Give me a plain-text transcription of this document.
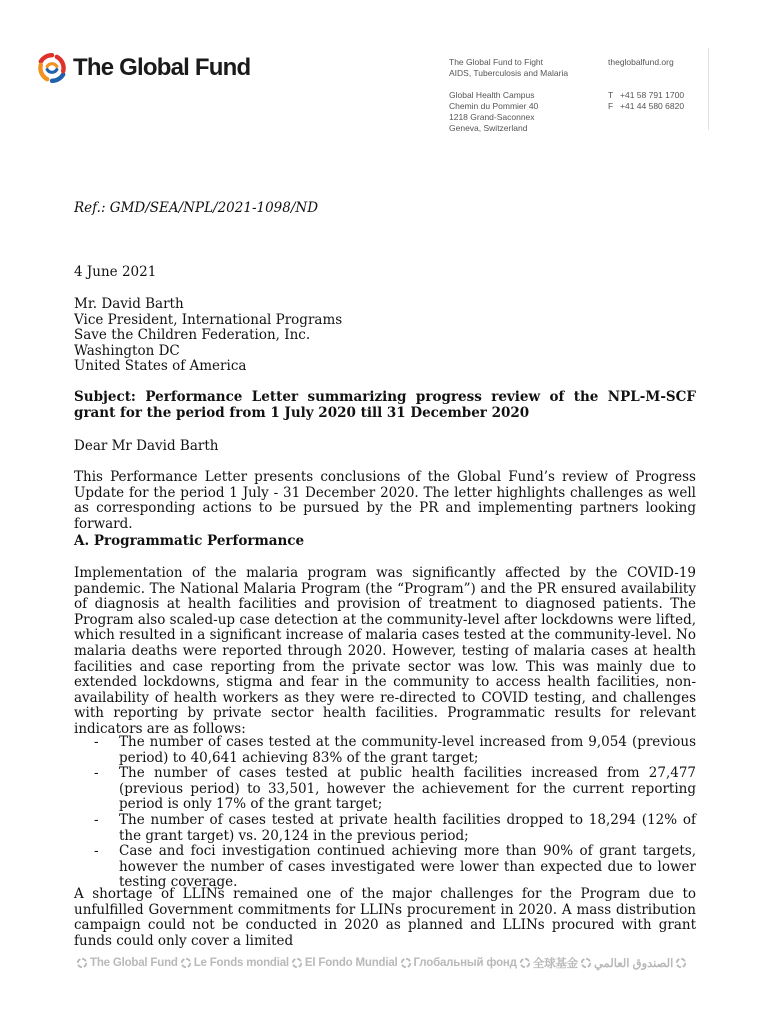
The Global Fund	The Global Fund to Fight
AIDS, Tuberculosis and Malaria
Global Health Campus
Chemin du Pommier 40
1218 Grand-Saconnex
Geneva, Switzerland
theglobalfund.org
T +41 58 791 1700
F +41 44 580 6820
Ref.: GMD/SEA/NPL/2021-1098/ND
4 June 2021
Mr. David Barth
Vice President, International Programs
Save the Children Federation, Inc.
Washington DC
United States of America
Subject: Performance Letter summarizing progress review of the NPL-M-SCF grant for the period from 1 July 2020 till 31 December 2020
Dear Mr David Barth
This Performance Letter presents conclusions of the Global Fund’s review of Progress Update for the period 1 July - 31 December 2020. The letter highlights challenges as well as corresponding actions to be pursued by the PR and implementing partners looking forward.
A. Programmatic Performance
Implementation of the malaria program was significantly affected by the COVID-19 pandemic. The National Malaria Program (the “Program”) and the PR ensured availability of diagnosis at health facilities and provision of treatment to diagnosed patients. The Program also scaled-up case detection at the community-level after lockdowns were lifted, which resulted in a significant increase of malaria cases tested at the community-level. No malaria deaths were reported through 2020. However, testing of malaria cases at health facilities and case reporting from the private sector was low. This was mainly due to extended lockdowns, stigma and fear in the community to access health facilities, non-availability of health workers as they were re-directed to COVID testing, and challenges with reporting by private sector health facilities. Programmatic results for relevant indicators are as follows:
- The number of cases tested at the community-level increased from 9,054 (previous period) to 40,641 achieving 83% of the grant target;
- The number of cases tested at public health facilities increased from 27,477 (previous period) to 33,501, however the achievement for the current reporting period is only 17% of the grant target;
- The number of cases tested at private health facilities dropped to 18,294 (12% of the grant target) vs. 20,124 in the previous period;
- Case and foci investigation continued achieving more than 90% of grant targets, however the number of cases investigated were lower than expected due to lower testing coverage.
A shortage of LLINs remained one of the major challenges for the Program due to unfulfilled Government commitments for LLINs procurement in 2020. A mass distribution campaign could not be conducted in 2020 as planned and LLINs procured with grant funds could only cover a limited
The Global Fund Le Fonds mondial El Fondo Mundial Глобальный фонд 全球基金 الصندوق العالمي
